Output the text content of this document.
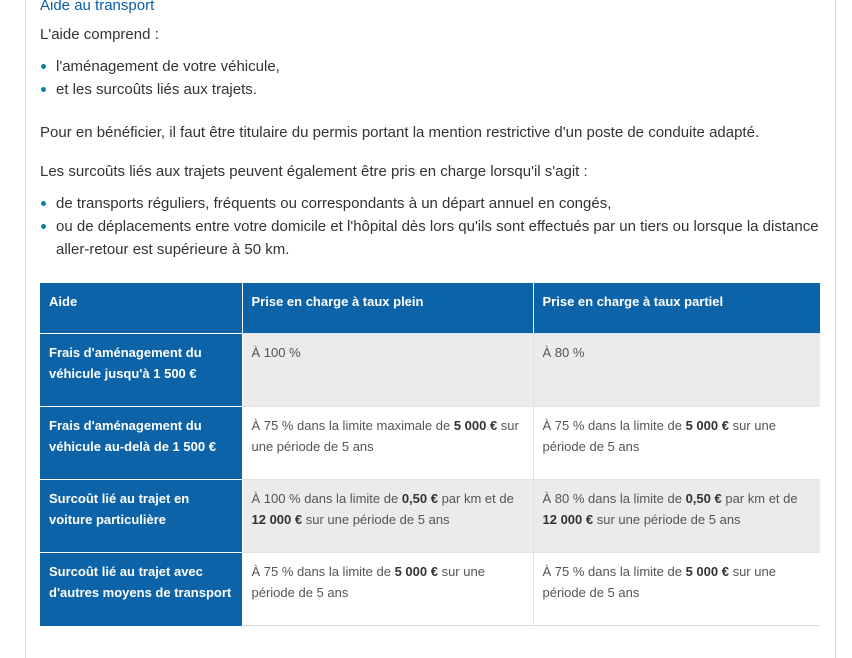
Aide au transport

L'aide comprend :

l'aménagement de votre véhicule,
et les surcoûts liés aux trajets.

Pour en bénéficier, il faut être titulaire du permis portant la mention restrictive d'un poste de conduite adapté.

Les surcoûts liés aux trajets peuvent également être pris en charge lorsqu'il s'agit :

de transports réguliers, fréquents ou correspondants à un départ annuel en congés,
ou de déplacements entre votre domicile et l'hôpital dès lors qu'ils sont effectués par un tiers ou lorsque la distance aller-retour est supérieure à 50 km.
Aide	Prise en charge à taux plein	Prise en charge à taux partiel
Frais d'aménagement du véhicule jusqu'à 1 500 €	À 100 %	À 80 %
Frais d'aménagement du véhicule au-delà de 1 500 €	À 75 % dans la limite maximale de 5 000 € sur une période de 5 ans	À 75 % dans la limite de 5 000 € sur une période de 5 ans
Surcoût lié au trajet en voiture particulière	À 100 % dans la limite de 0,50 € par km et de 12 000 € sur une période de 5 ans	À 80 % dans la limite de 0,50 € par km et de 12 000 € sur une période de 5 ans
Surcoût lié au trajet avec d'autres moyens de transport	À 75 % dans la limite de 5 000 € sur une période de 5 ans	À 75 % dans la limite de 5 000 € sur une période de 5 ans
